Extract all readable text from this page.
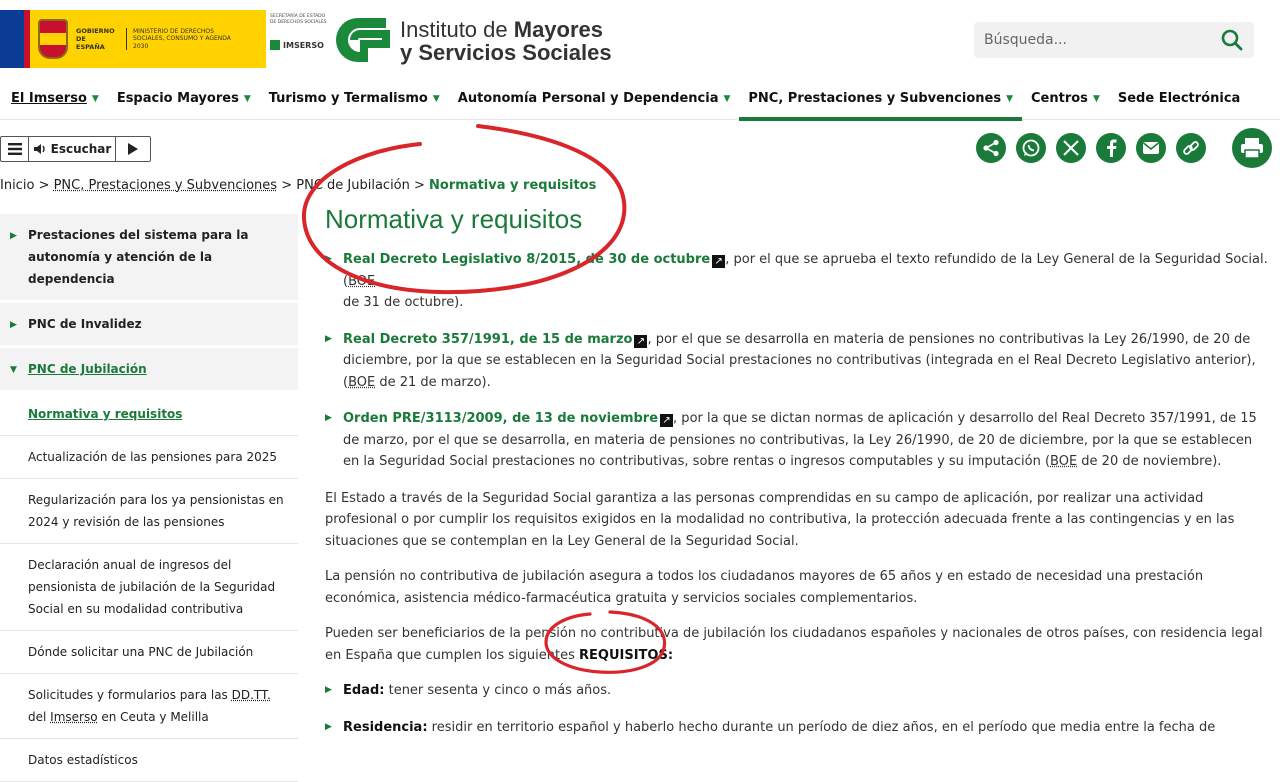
GOBIERNO DE ESPAÑA
MINISTERIO DE DERECHOS SOCIALES, CONSUMO Y AGENDA 2030
SECRETARÍA DE ESTADO DE DERECHOS SOCIALES
IMSERSO
Instituto de Mayores
y Servicios Sociales
Búsqueda...
El Imserso ▼ Espacio Mayores ▼ Turismo y Termalismo ▼ Autonomía Personal y Dependencia ▼ PNC, Prestaciones y Subvenciones ▼ Centros ▼ Sede Electrónica
Escuchar
Inicio > PNC, Prestaciones y Subvenciones > PNC de Jubilación > Normativa y requisitos
▶ Prestaciones del sistema para la autonomía y atención de la dependencia
▶ PNC de Invalidez
▼ PNC de Jubilación
Normativa y requisitos
Actualización de las pensiones para 2025
Regularización para los ya pensionistas en 2024 y revisión de las pensiones
Declaración anual de ingresos del pensionista de jubilación de la Seguridad Social en su modalidad contributiva
Dónde solicitar una PNC de Jubilación
Solicitudes y formularios para las DD.TT. del Imserso en Ceuta y Melilla
Datos estadísticos
Normativa y requisitos
▶ Real Decreto Legislativo 8/2015, de 30 de octubre ↗ , por el que se aprueba el texto refundido de la Ley General de la Seguridad Social. (BOE
de 31 de octubre).
▶ Real Decreto 357/1991, de 15 de marzo ↗ , por el que se desarrolla en materia de pensiones no contributivas la Ley 26/1990, de 20 de diciembre, por la que se establecen en la Seguridad Social prestaciones no contributivas (integrada en el Real Decreto Legislativo anterior), (BOE de 21 de marzo).
▶ Orden PRE/3113/2009, de 13 de noviembre ↗ , por la que se dictan normas de aplicación y desarrollo del Real Decreto 357/1991, de 15 de marzo, por el que se desarrolla, en materia de pensiones no contributivas, la Ley 26/1990, de 20 de diciembre, por la que se establecen en la Seguridad Social prestaciones no contributivas, sobre rentas o ingresos computables y su imputación (BOE de 20 de noviembre).

El Estado a través de la Seguridad Social garantiza a las personas comprendidas en su campo de aplicación, por realizar una actividad profesional o por cumplir los requisitos exigidos en la modalidad no contributiva, la protección adecuada frente a las contingencias y en las situaciones que se contemplan en la Ley General de la Seguridad Social.

La pensión no contributiva de jubilación asegura a todos los ciudadanos mayores de 65 años y en estado de necesidad una prestación económica, asistencia médico-farmacéutica gratuita y servicios sociales complementarios.

Pueden ser beneficiarios de la pensión no contributiva de jubilación los ciudadanos españoles y nacionales de otros países, con residencia legal en España que cumplen los siguientes REQUISITOS:

▶ Edad: tener sesenta y cinco o más años.
▶ Residencia: residir en territorio español y haberlo hecho durante un período de diez años, en el período que media entre la fecha de
